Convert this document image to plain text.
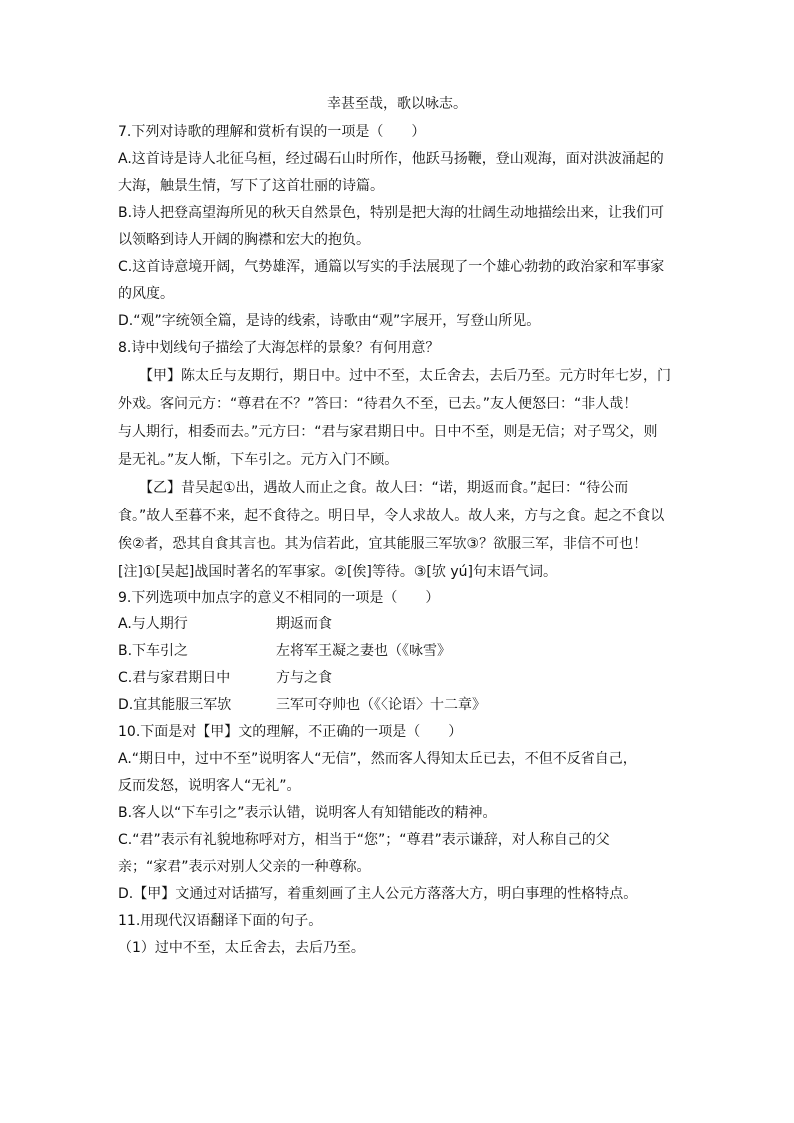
幸甚至哉，歌以咏志。
7.下列对诗歌的理解和赏析有误的一项是（　　）
A.这首诗是诗人北征乌桓，经过碣石山时所作，他跃马扬鞭，登山观海，面对洪波涌起的
大海，触景生情，写下了这首壮丽的诗篇。
B.诗人把登高望海所见的秋天自然景色，特别是把大海的壮阔生动地描绘出来，让我们可
以领略到诗人开阔的胸襟和宏大的抱负。
C.这首诗意境开阔，气势雄浑，通篇以写实的手法展现了一个雄心勃勃的政治家和军事家
的风度。
D.“观”字统领全篇，是诗的线索，诗歌由“观”字展开，写登山所见。
8.诗中划线句子描绘了大海怎样的景象？有何用意？
　　【甲】陈太丘与友期行，期日中。过中不至，太丘舍去，去后乃至。元方时年七岁，门
外戏。客问元方：“尊君在不？”答曰：“待君久不至，已去。”友人便怒曰：“非人哉！
与人期行，相委而去。”元方曰：“君与家君期日中。日中不至，则是无信；对子骂父，则
是无礼。”友人惭，下车引之。元方入门不顾。
　　【乙】昔吴起①出，遇故人而止之食。故人曰：“诺，期返而食。”起曰：“待公而
食。”故人至暮不来，起不食待之。明日早，令人求故人。故人来，方与之食。起之不食以
俟②者，恐其自食其言也。其为信若此，宜其能服三军欤③？欲服三军，非信不可也！
[注]①[吴起]战国时著名的军事家。②[俟]等待。③[欤 yú]句末语气词。
9.下列选项中加点字的意义不相同的一项是（　　）
A.与人期行	期返而食
B.下车引之	左将军王凝之妻也（《咏雪》
C.君与家君期日中	方与之食
D.宜其能服三军欤	三军可夺帅也（《〈论语〉十二章》
10.下面是对【甲】文的理解，不正确的一项是（　　）
A.“期日中，过中不至”说明客人“无信”，然而客人得知太丘已去，不但不反省自己，
反而发怒，说明客人“无礼”。
B.客人以“下车引之”表示认错，说明客人有知错能改的精神。
C.“君”表示有礼貌地称呼对方，相当于“您”；“尊君”表示谦辞，对人称自己的父
亲；“家君”表示对别人父亲的一种尊称。
D.【甲】文通过对话描写，着重刻画了主人公元方落落大方，明白事理的性格特点。
11.用现代汉语翻译下面的句子。
（1）过中不至，太丘舍去，去后乃至。
